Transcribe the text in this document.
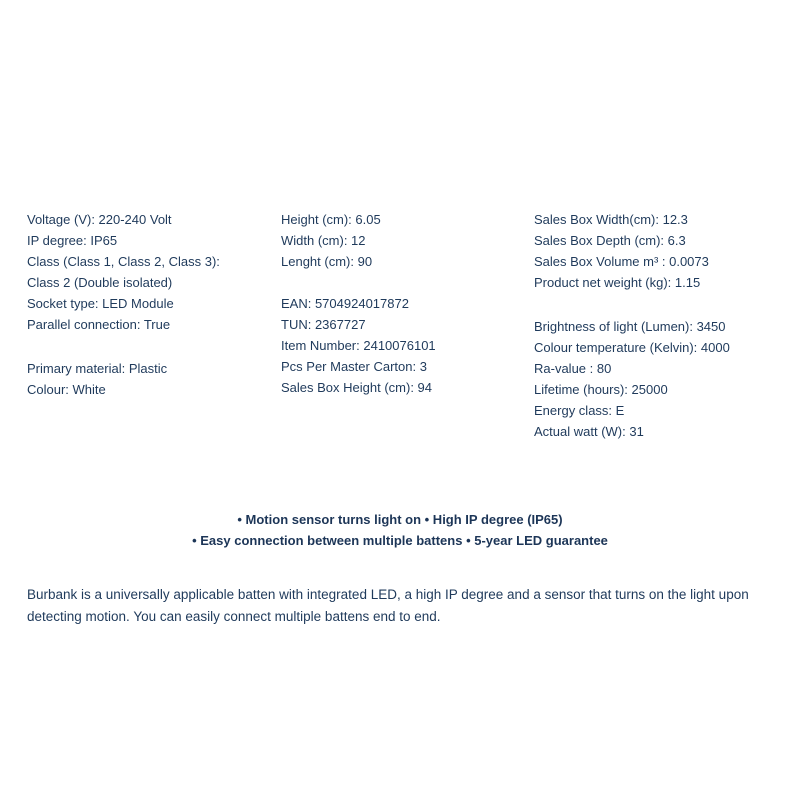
Voltage (V): 220-240 Volt
IP degree: IP65
Class (Class 1, Class 2, Class 3):
Class 2 (Double isolated)
Socket type: LED Module
Parallel connection: True
Primary material: Plastic
Colour: White
Height (cm): 6.05
Width (cm): 12
Lenght (cm): 90
EAN: 5704924017872
TUN: 2367727
Item Number: 2410076101
Pcs Per Master Carton: 3
Sales Box Height (cm): 94
Sales Box Width(cm): 12.3
Sales Box Depth (cm): 6.3
Sales Box Volume m³ : 0.0073
Product net weight (kg): 1.15
Brightness of light (Lumen): 3450
Colour temperature (Kelvin): 4000
Ra-value : 80
Lifetime (hours): 25000
Energy class: E
Actual watt (W): 31
• Motion sensor turns light on • High IP degree (IP65)
• Easy connection between multiple battens • 5-year LED guarantee
Burbank is a universally applicable batten with integrated LED, a high IP degree and a sensor that turns on the light upon detecting motion. You can easily connect multiple battens end to end.
